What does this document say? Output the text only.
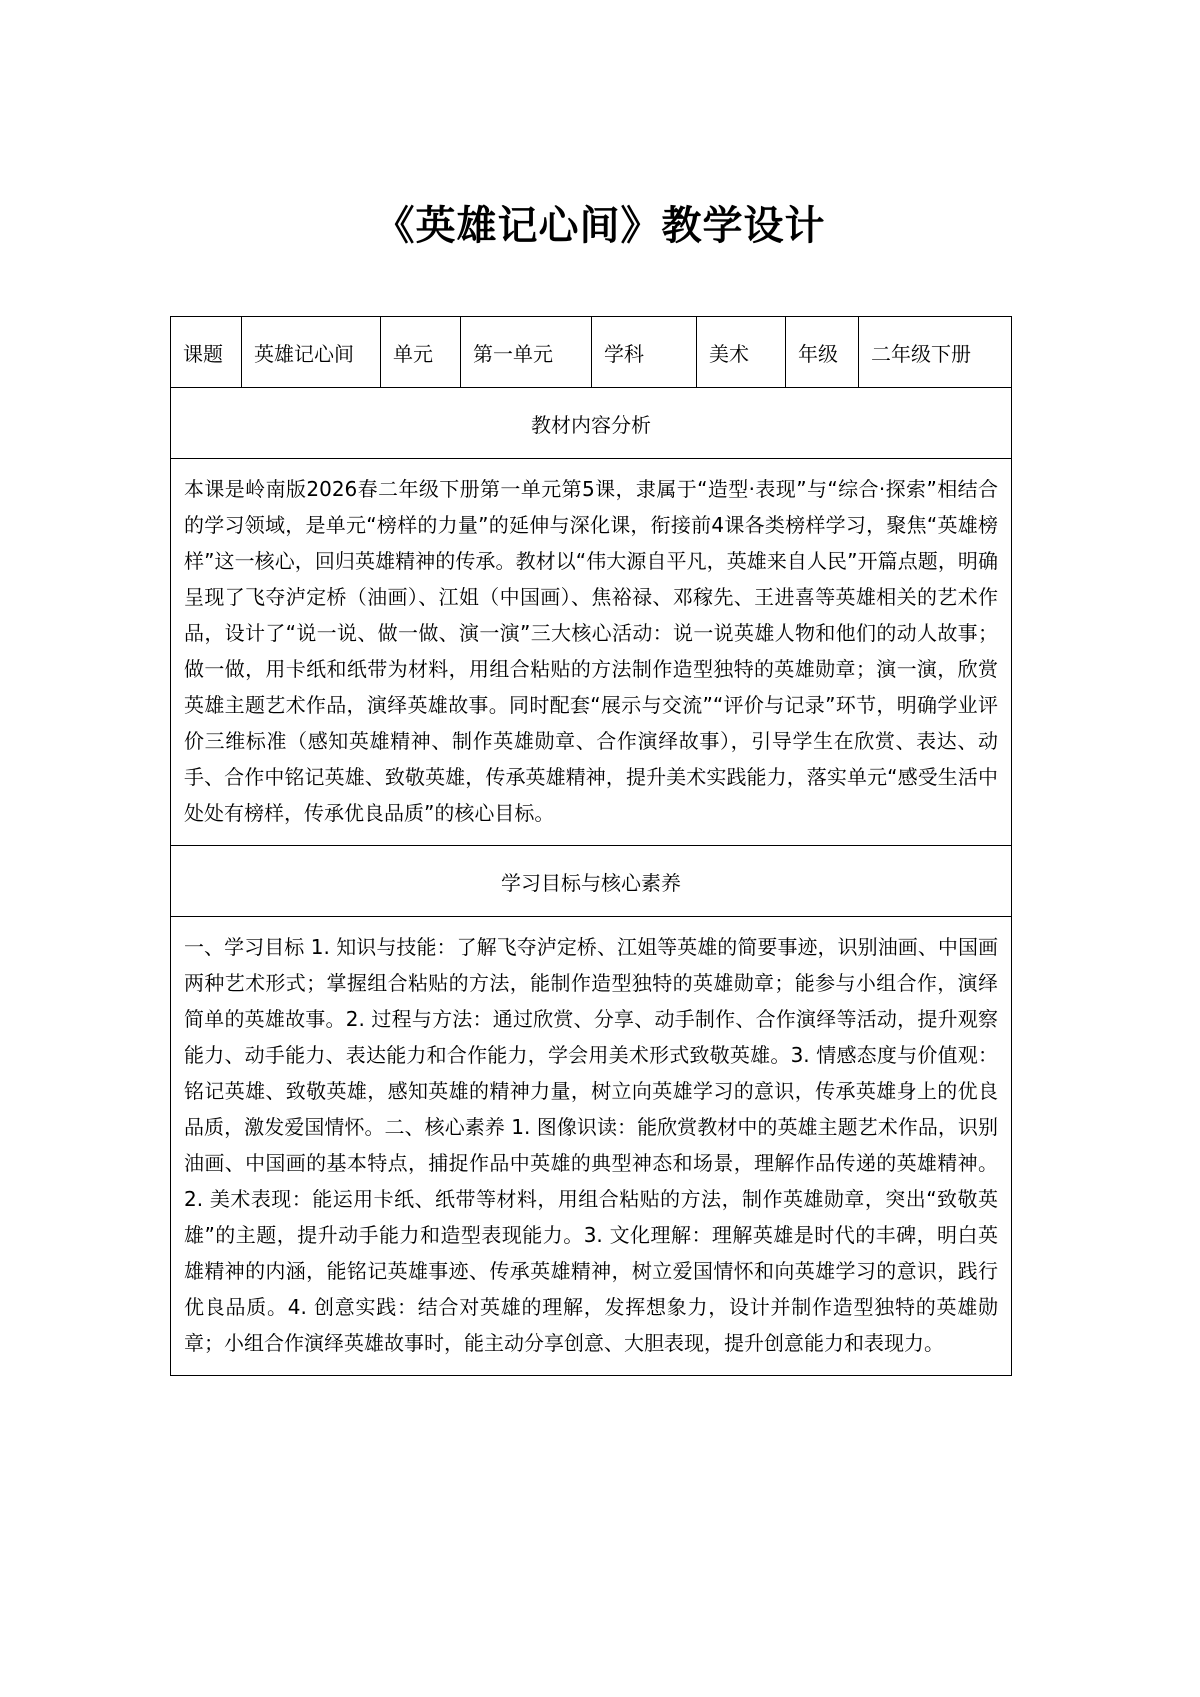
《英雄记心间》教学设计
课题	英雄记心间	单元	第一单元	学科	美术	年级	二年级下册
教材内容分析
本课是岭南版2026春二年级下册第一单元第5课，隶属于“造型·表现”与“综合·探索”相结合的学习领域，是单元“榜样的力量”的延伸与深化课，衔接前4课各类榜样学习，聚焦“英雄榜样”这一核心，回归英雄精神的传承。教材以“伟大源自平凡，英雄来自人民”开篇点题，明确呈现了飞夺泸定桥（油画）、江姐（中国画）、焦裕禄、邓稼先、王进喜等英雄相关的艺术作品，设计了“说一说、做一做、演一演”三大核心活动：说一说英雄人物和他们的动人故事；做一做，用卡纸和纸带为材料，用组合粘贴的方法制作造型独特的英雄勋章；演一演，欣赏英雄主题艺术作品，演绎英雄故事。同时配套“展示与交流”“评价与记录”环节，明确学业评价三维标准（感知英雄精神、制作英雄勋章、合作演绎故事），引导学生在欣赏、表达、动手、合作中铭记英雄、致敬英雄，传承英雄精神，提升美术实践能力，落实单元“感受生活中处处有榜样，传承优良品质”的核心目标。
学习目标与核心素养
一、学习目标 1. 知识与技能：了解飞夺泸定桥、江姐等英雄的简要事迹，识别油画、中国画两种艺术形式；掌握组合粘贴的方法，能制作造型独特的英雄勋章；能参与小组合作，演绎简单的英雄故事。2. 过程与方法：通过欣赏、分享、动手制作、合作演绎等活动，提升观察能力、动手能力、表达能力和合作能力，学会用美术形式致敬英雄。3. 情感态度与价值观：铭记英雄、致敬英雄，感知英雄的精神力量，树立向英雄学习的意识，传承英雄身上的优良品质，激发爱国情怀。二、核心素养 1. 图像识读：能欣赏教材中的英雄主题艺术作品，识别油画、中国画的基本特点，捕捉作品中英雄的典型神态和场景，理解作品传递的英雄精神。2. 美术表现：能运用卡纸、纸带等材料，用组合粘贴的方法，制作英雄勋章，突出“致敬英雄”的主题，提升动手能力和造型表现能力。3. 文化理解：理解英雄是时代的丰碑，明白英雄精神的内涵，能铭记英雄事迹、传承英雄精神，树立爱国情怀和向英雄学习的意识，践行优良品质。4. 创意实践：结合对英雄的理解，发挥想象力，设计并制作造型独特的英雄勋章；小组合作演绎英雄故事时，能主动分享创意、大胆表现，提升创意能力和表现力。
